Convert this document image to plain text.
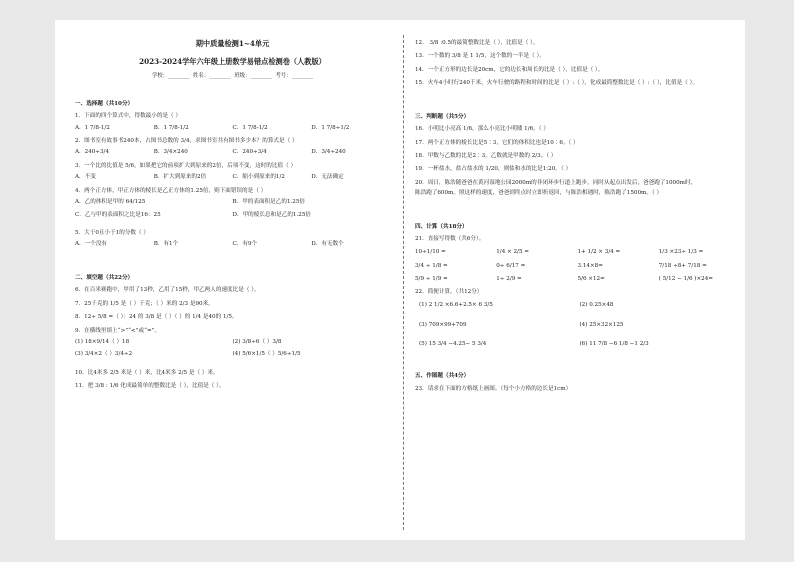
期中质量检测1~4单元
2023-2024学年六年级上册数学易错点检测卷（人教版）
学校：________ 姓名：________ 班级：________ 考号：________
一、选择题（共10分）
1．下面的四个算式中，得数最小的是（ ）
A．1 7/8-1/2	B．1 7/8-1/2	C．1 7/8-1/2	D．1 7/8÷1/2
2．图书室有故事书240本，占图书总数的 3/4，求图书室共有图书多少本？的算式是（ ）
A．240÷3/4	B．3/4×240	C．240÷3/4	D．3/4÷240
3．一个比的比值是 5/6，如果把它的前项扩大到原来的2倍，后项不变，这时的比值（ ）
A．不变	B．扩大到原来的2倍	C．缩小到原来的1/2	D．无法确定
4．两个正方体，甲正方体的棱长是乙正方体的1.25倍，则下面错误的是（ ）
A．乙的体积是甲的 64/125	B．甲的表面积是乙的1.25倍
C．乙与甲的表面积之比是16：25	D．甲的棱长总和是乙的1.25倍
5．大于0且小于1的分数（ ）
A．一个没有	B．有1个	C．有9个	D．有无数个
二、填空题（共22分）
6．在百米赛跑中，甲用了13秒，乙用了15秒，甲乙两人的速度比是（ ）。
7．25千克的 1/5 是（ ）千克；（ ）米的 2/3 是90米。
8．12÷ 5/8 =（ ）：24 的 3/8 是（ ）（ ）的 1/4 是40的 1/5。
9．在横线里填上“>”“<”或“=”。
(1) 18×9/14（ ）18	(2) 3/8÷6（ ）3/8
(3) 3/4×2（ ）3/4÷2	(4) 5/6×1/5（ ）5/6÷1/5
10．比4米多 2/5 米是（ ）米，比4米多 2/5 是（ ）米。
11．把 3/8 : 1/6 化成最简单的整数比是（ ），比值是（ ）。
12． 3/8 :0.5的最简整数比是（ ），比值是（ ）。
13．一个数的 3/8 是 1 1/5，这个数的一半是（ ）。
14．一个正方形的边长是20cm，它的边长和周长的比是（ ），比值是（ ）。
15．火车4小时行240千米，火车行驶的路程和时间的比是（ ）:（ ），化成最简整数比是（ ）:（ ），比值是（ ）。
三、判断题（共5分）
16．小明比小亮高 1/6，那么小亮比小明矮 1/6。（ ）
17．两个正方体的棱长比是5∶3，它们的体积比也是10∶6。（ ）
18．甲数与乙数的比是2∶3，乙数就是甲数的 2/3。（ ）
19．一杯盐水，盐占盐水的 1/20，则盐和水的比是1:20。（ ）
20．周日，陈浩随爸爸在黄河湿地公园2000m的非闭环步行道上跑步。同时从起点出发后，爸爸跑了1000m时，
陈浩跑了600m。照这样的速度，爸爸到终点时立即折返回，与陈浩相遇时，陈浩跑了1500m。（ ）
四、计算（共18分）
21．直接写得数（共6分）。
10÷1/10 =	1/4 × 2/5 =	1+ 1/2 × 3/4 =	1/3 ×23÷ 1/3 =
3/4 ÷ 1/8 =	0÷ 6/17 =	3.14×8=	7/18 ÷8+ 7/18 =
5/9 ÷ 1/9 =	1÷ 2/9 =	5/6 ×12=	( 5/12 − 1/6 )×24=
22．简便计算。（共12分）
(1) 2 1/2 ×6.6+2.5× 6 3/5	(2) 0.25×48
(3) 709×99+709	(4) 25×32×125
(5) 15 3/4 −4.25− 5 3/4	(6) 11 7/8 −6 1/8 −1 2/3
五、作图题（共4分）
23．请求在下面的方格纸上画图。（每个小方格的边长是1cm）
